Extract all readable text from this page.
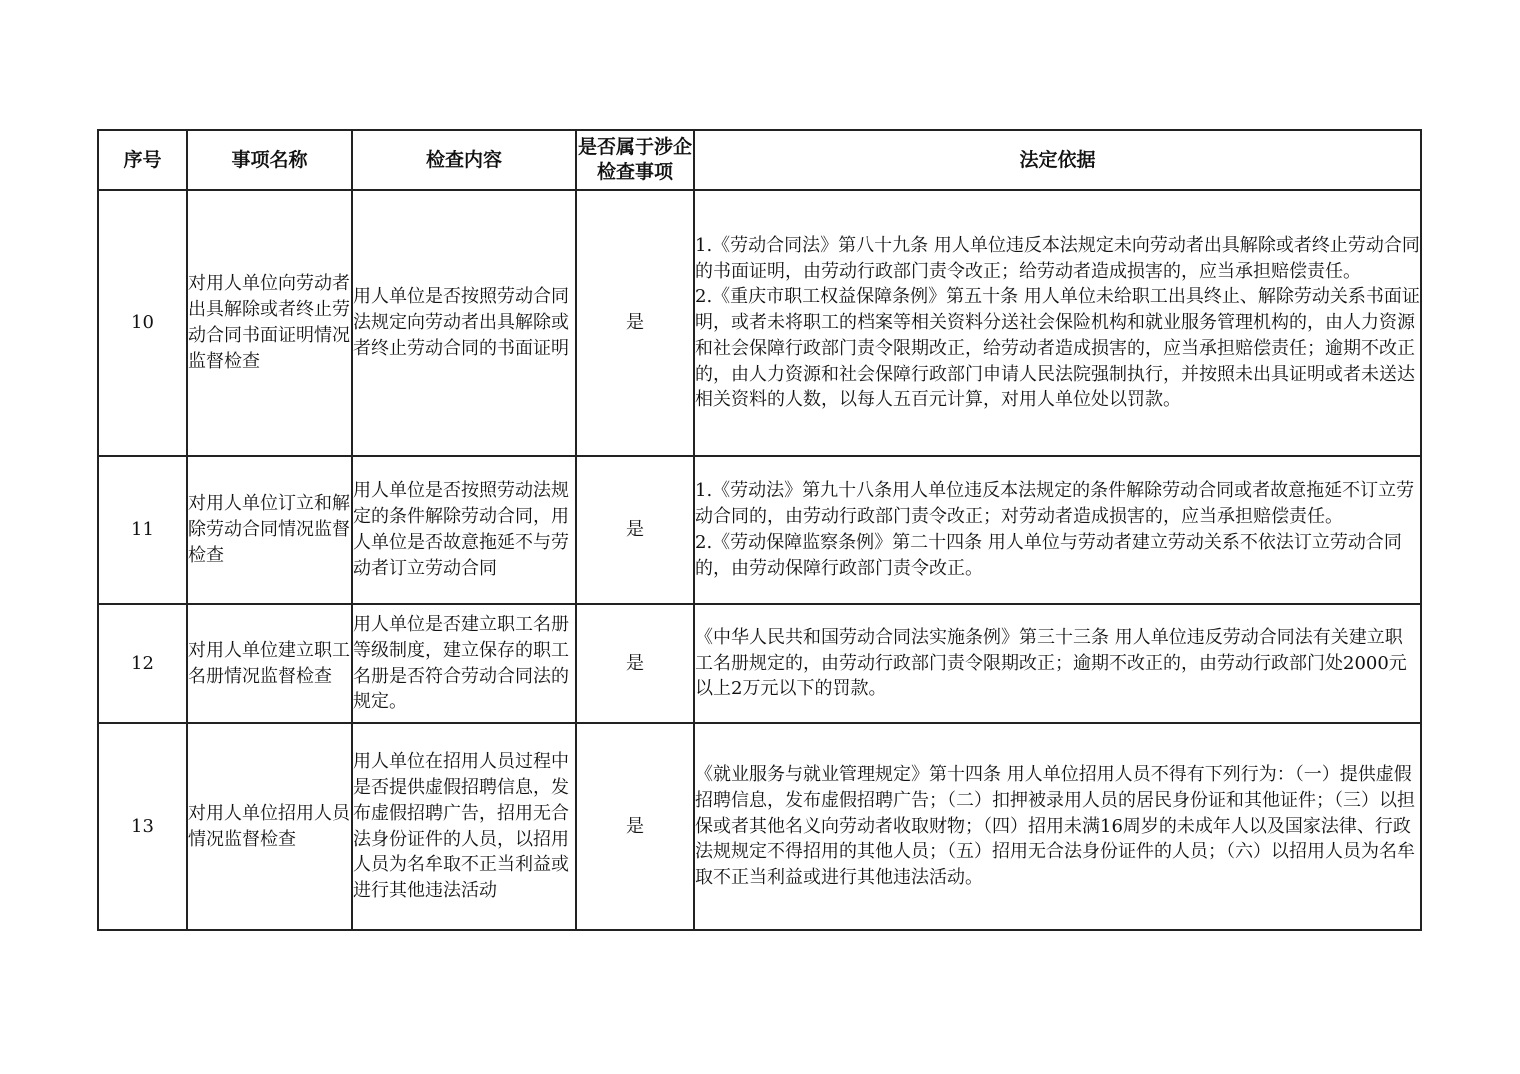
序号	事项名称	检查内容	是否属于涉企检查事项	法定依据
10	对用人单位向劳动者出具解除或者终止劳动合同书面证明情况监督检查	用人单位是否按照劳动合同法规定向劳动者出具解除或者终止劳动合同的书面证明	是	1.《劳动合同法》第八十九条 用人单位违反本法规定未向劳动者出具解除或者终止劳动合同的书面证明，由劳动行政部门责令改正；给劳动者造成损害的，应当承担赔偿责任。

2.《重庆市职工权益保障条例》第五十条 用人单位未给职工出具终止、解除劳动关系书面证明，或者未将职工的档案等相关资料分送社会保险机构和就业服务管理机构的，由人力资源和社会保障行政部门责令限期改正，给劳动者造成损害的，应当承担赔偿责任；逾期不改正的，由人力资源和社会保障行政部门申请人民法院强制执行，并按照未出具证明或者未送达相关资料的人数，以每人五百元计算，对用人单位处以罚款。

11	对用人单位订立和解除劳动合同情况监督检查	用人单位是否按照劳动法规定的条件解除劳动合同，用人单位是否故意拖延不与劳动者订立劳动合同	是	1.《劳动法》第九十八条用人单位违反本法规定的条件解除劳动合同或者故意拖延不订立劳动合同的，由劳动行政部门责令改正；对劳动者造成损害的，应当承担赔偿责任。

2.《劳动保障监察条例》第二十四条 用人单位与劳动者建立劳动关系不依法订立劳动合同的，由劳动保障行政部门责令改正。

12	对用人单位建立职工名册情况监督检查	用人单位是否建立职工名册等级制度，建立保存的职工名册是否符合劳动合同法的规定。	是	《中华人民共和国劳动合同法实施条例》第三十三条 用人单位违反劳动合同法有关建立职工名册规定的，由劳动行政部门责令限期改正；逾期不改正的，由劳动行政部门处2000元以上2万元以下的罚款。

13	对用人单位招用人员情况监督检查	用人单位在招用人员过程中是否提供虚假招聘信息，发布虚假招聘广告，招用无合法身份证件的人员，以招用人员为名牟取不正当利益或进行其他违法活动	是	《就业服务与就业管理规定》第十四条 用人单位招用人员不得有下列行为：（一）提供虚假招聘信息，发布虚假招聘广告；（二）扣押被录用人员的居民身份证和其他证件；（三）以担保或者其他名义向劳动者收取财物；（四）招用未满16周岁的未成年人以及国家法律、行政法规规定不得招用的其他人员；（五）招用无合法身份证件的人员；（六）以招用人员为名牟取不正当利益或进行其他违法活动。
